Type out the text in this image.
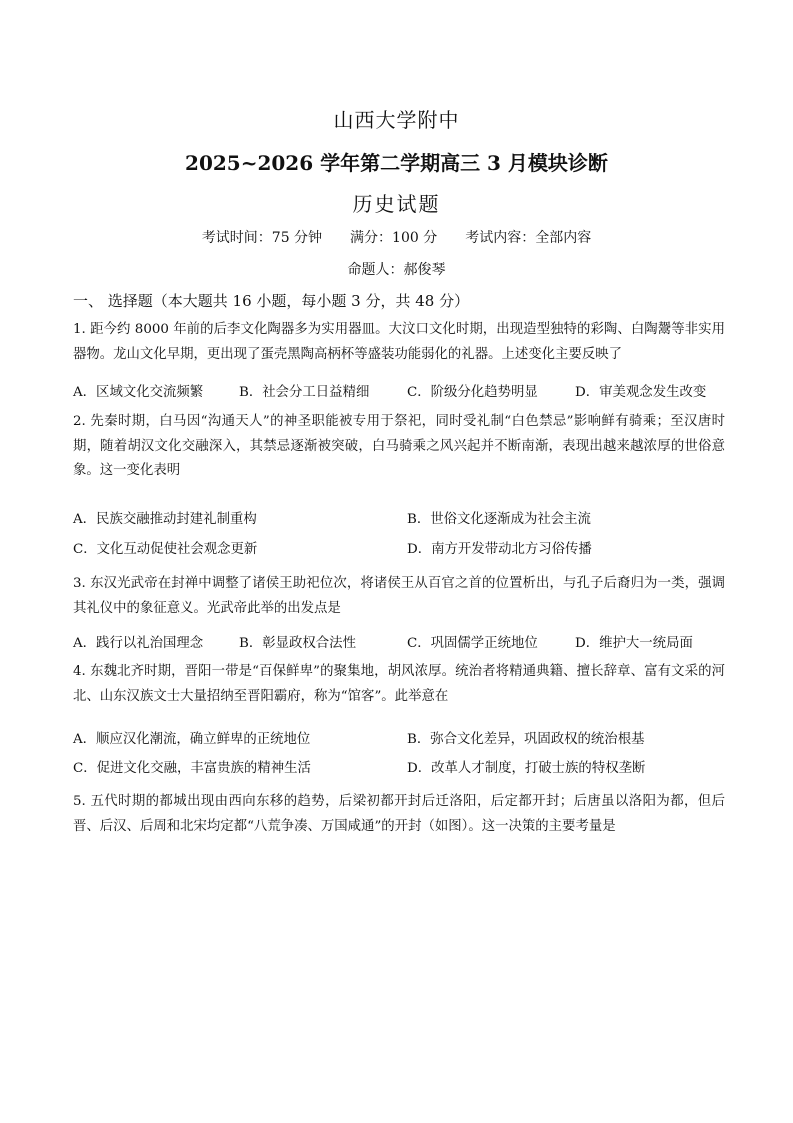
山西大学附中
2025~2026 学年第二学期高三 3 月模块诊断
历史试题
考试时间：75 分钟 满分：100 分 考试内容：全部内容
命题人：郝俊琴
一、 选择题（本大题共 16 小题，每小题 3 分，共 48 分）
1. 距今约 8000 年前的后李文化陶器多为实用器皿。大汶口文化时期，出现造型独特的彩陶、白陶鬶等非实用器物。龙山文化早期，更出现了蛋壳黑陶高柄杯等盛装功能弱化的礼器。上述变化主要反映了
A．区域文化交流频繁	B．社会分工日益精细	C．阶级分化趋势明显	D．审美观念发生改变
2. 先秦时期，白马因“沟通天人”的神圣职能被专用于祭祀，同时受礼制“白色禁忌”影响鲜有骑乘；至汉唐时期，随着胡汉文化交融深入，其禁忌逐渐被突破，白马骑乘之风兴起并不断南渐，表现出越来越浓厚的世俗意象。这一变化表明
A．民族交融推动封建礼制重构	B．世俗文化逐渐成为社会主流
C．文化互动促使社会观念更新	D．南方开发带动北方习俗传播
3. 东汉光武帝在封禅中调整了诸侯王助祀位次，将诸侯王从百官之首的位置析出，与孔子后裔归为一类，强调其礼仪中的象征意义。光武帝此举的出发点是
A．践行以礼治国理念	B．彰显政权合法性	C．巩固儒学正统地位	D．维护大一统局面
4. 东魏北齐时期，晋阳一带是“百保鲜卑”的聚集地，胡风浓厚。统治者将精通典籍、擅长辞章、富有文采的河北、山东汉族文士大量招纳至晋阳霸府，称为“馆客”。此举意在
A．顺应汉化潮流，确立鲜卑的正统地位	B．弥合文化差异，巩固政权的统治根基
C．促进文化交融，丰富贵族的精神生活	D．改革人才制度，打破士族的特权垄断
5. 五代时期的都城出现由西向东移的趋势，后梁初都开封后迁洛阳，后定都开封；后唐虽以洛阳为都，但后晋、后汉、后周和北宋均定都“八荒争凑、万国咸通”的开封（如图）。这一决策的主要考量是
